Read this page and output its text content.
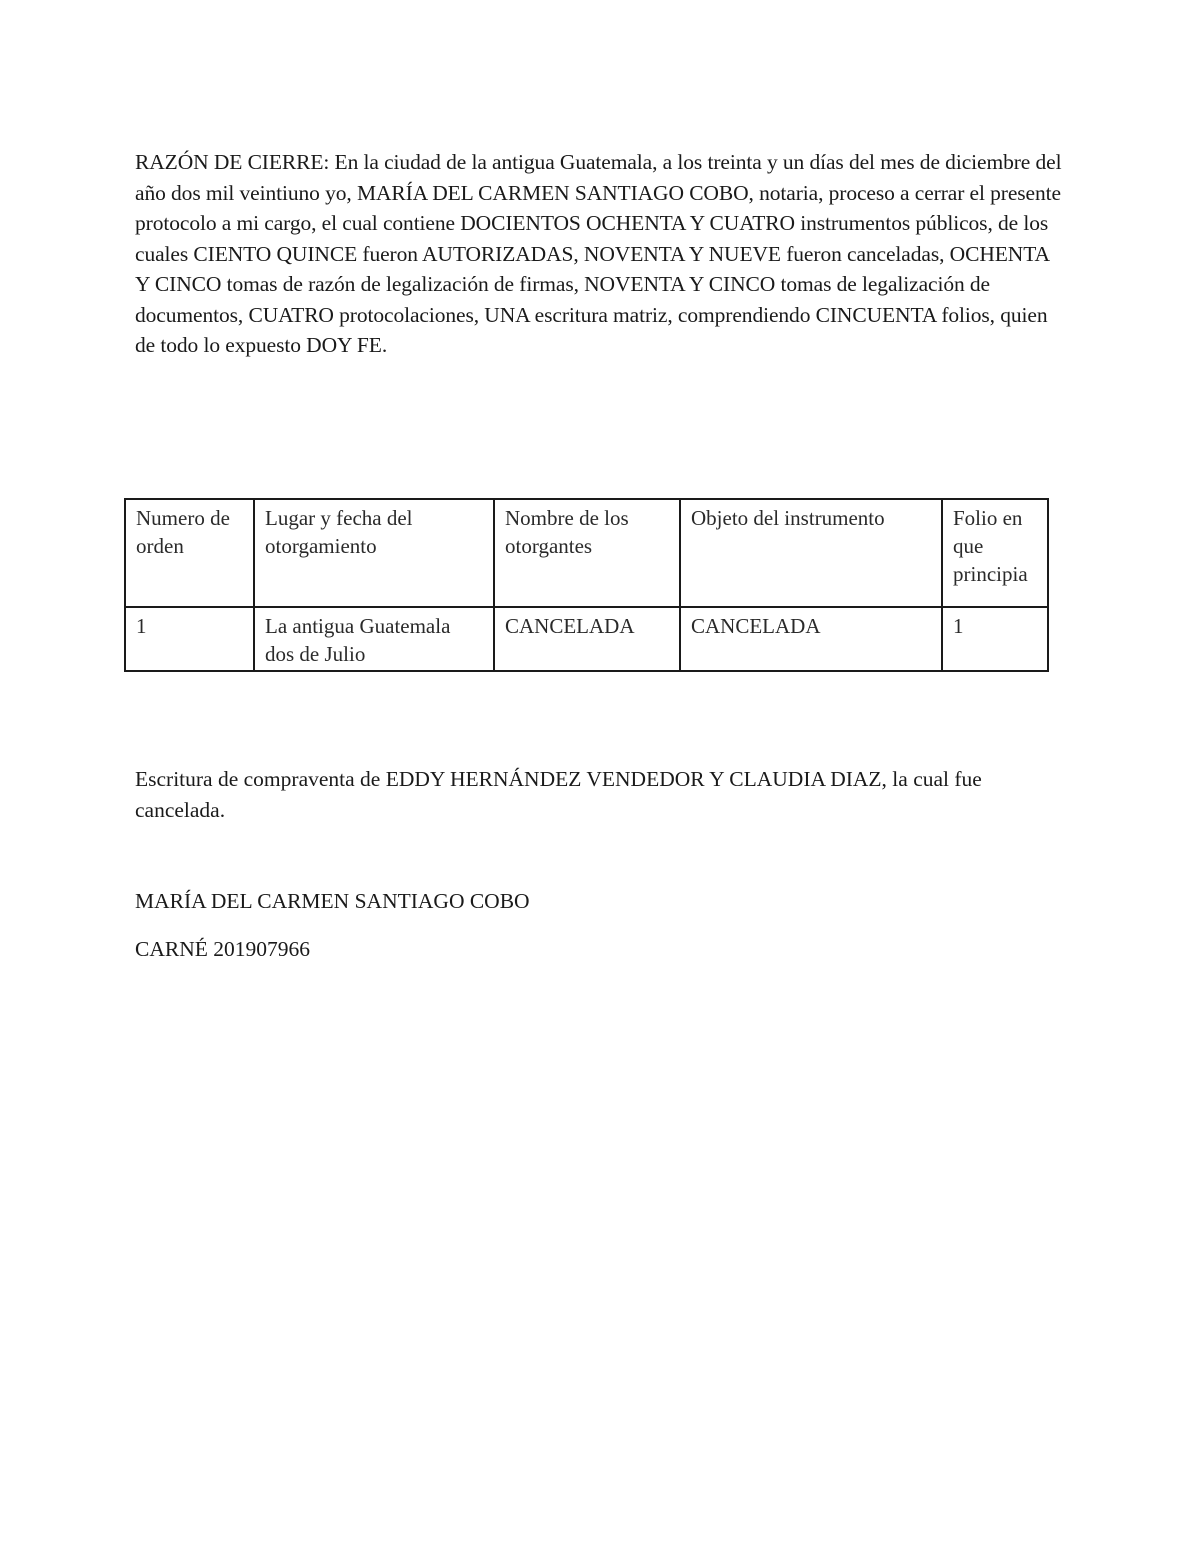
RAZÓN DE CIERRE: En la ciudad de la antigua Guatemala, a los treinta y un días del mes de diciembre del año dos mil veintiuno yo, MARÍA DEL CARMEN SANTIAGO COBO, notaria, proceso a cerrar el presente protocolo a mi cargo, el cual contiene DOCIENTOS OCHENTA Y CUATRO instrumentos públicos, de los cuales CIENTO QUINCE fueron AUTORIZADAS, NOVENTA Y NUEVE fueron canceladas, OCHENTA Y CINCO tomas de razón de legalización de firmas, NOVENTA Y CINCO tomas de legalización de documentos, CUATRO protocolaciones, UNA escritura matriz, comprendiendo CINCUENTA folios, quien de todo lo expuesto DOY FE.

Numero de orden	Lugar y fecha del otorgamiento	Nombre de los otorgantes	Objeto del instrumento	Folio en que principia
1	La antigua Guatemala dos de Julio	CANCELADA	CANCELADA	1

Escritura de compraventa de EDDY HERNÁNDEZ VENDEDOR Y CLAUDIA DIAZ, la cual fue cancelada.

MARÍA DEL CARMEN SANTIAGO COBO

CARNÉ 201907966
